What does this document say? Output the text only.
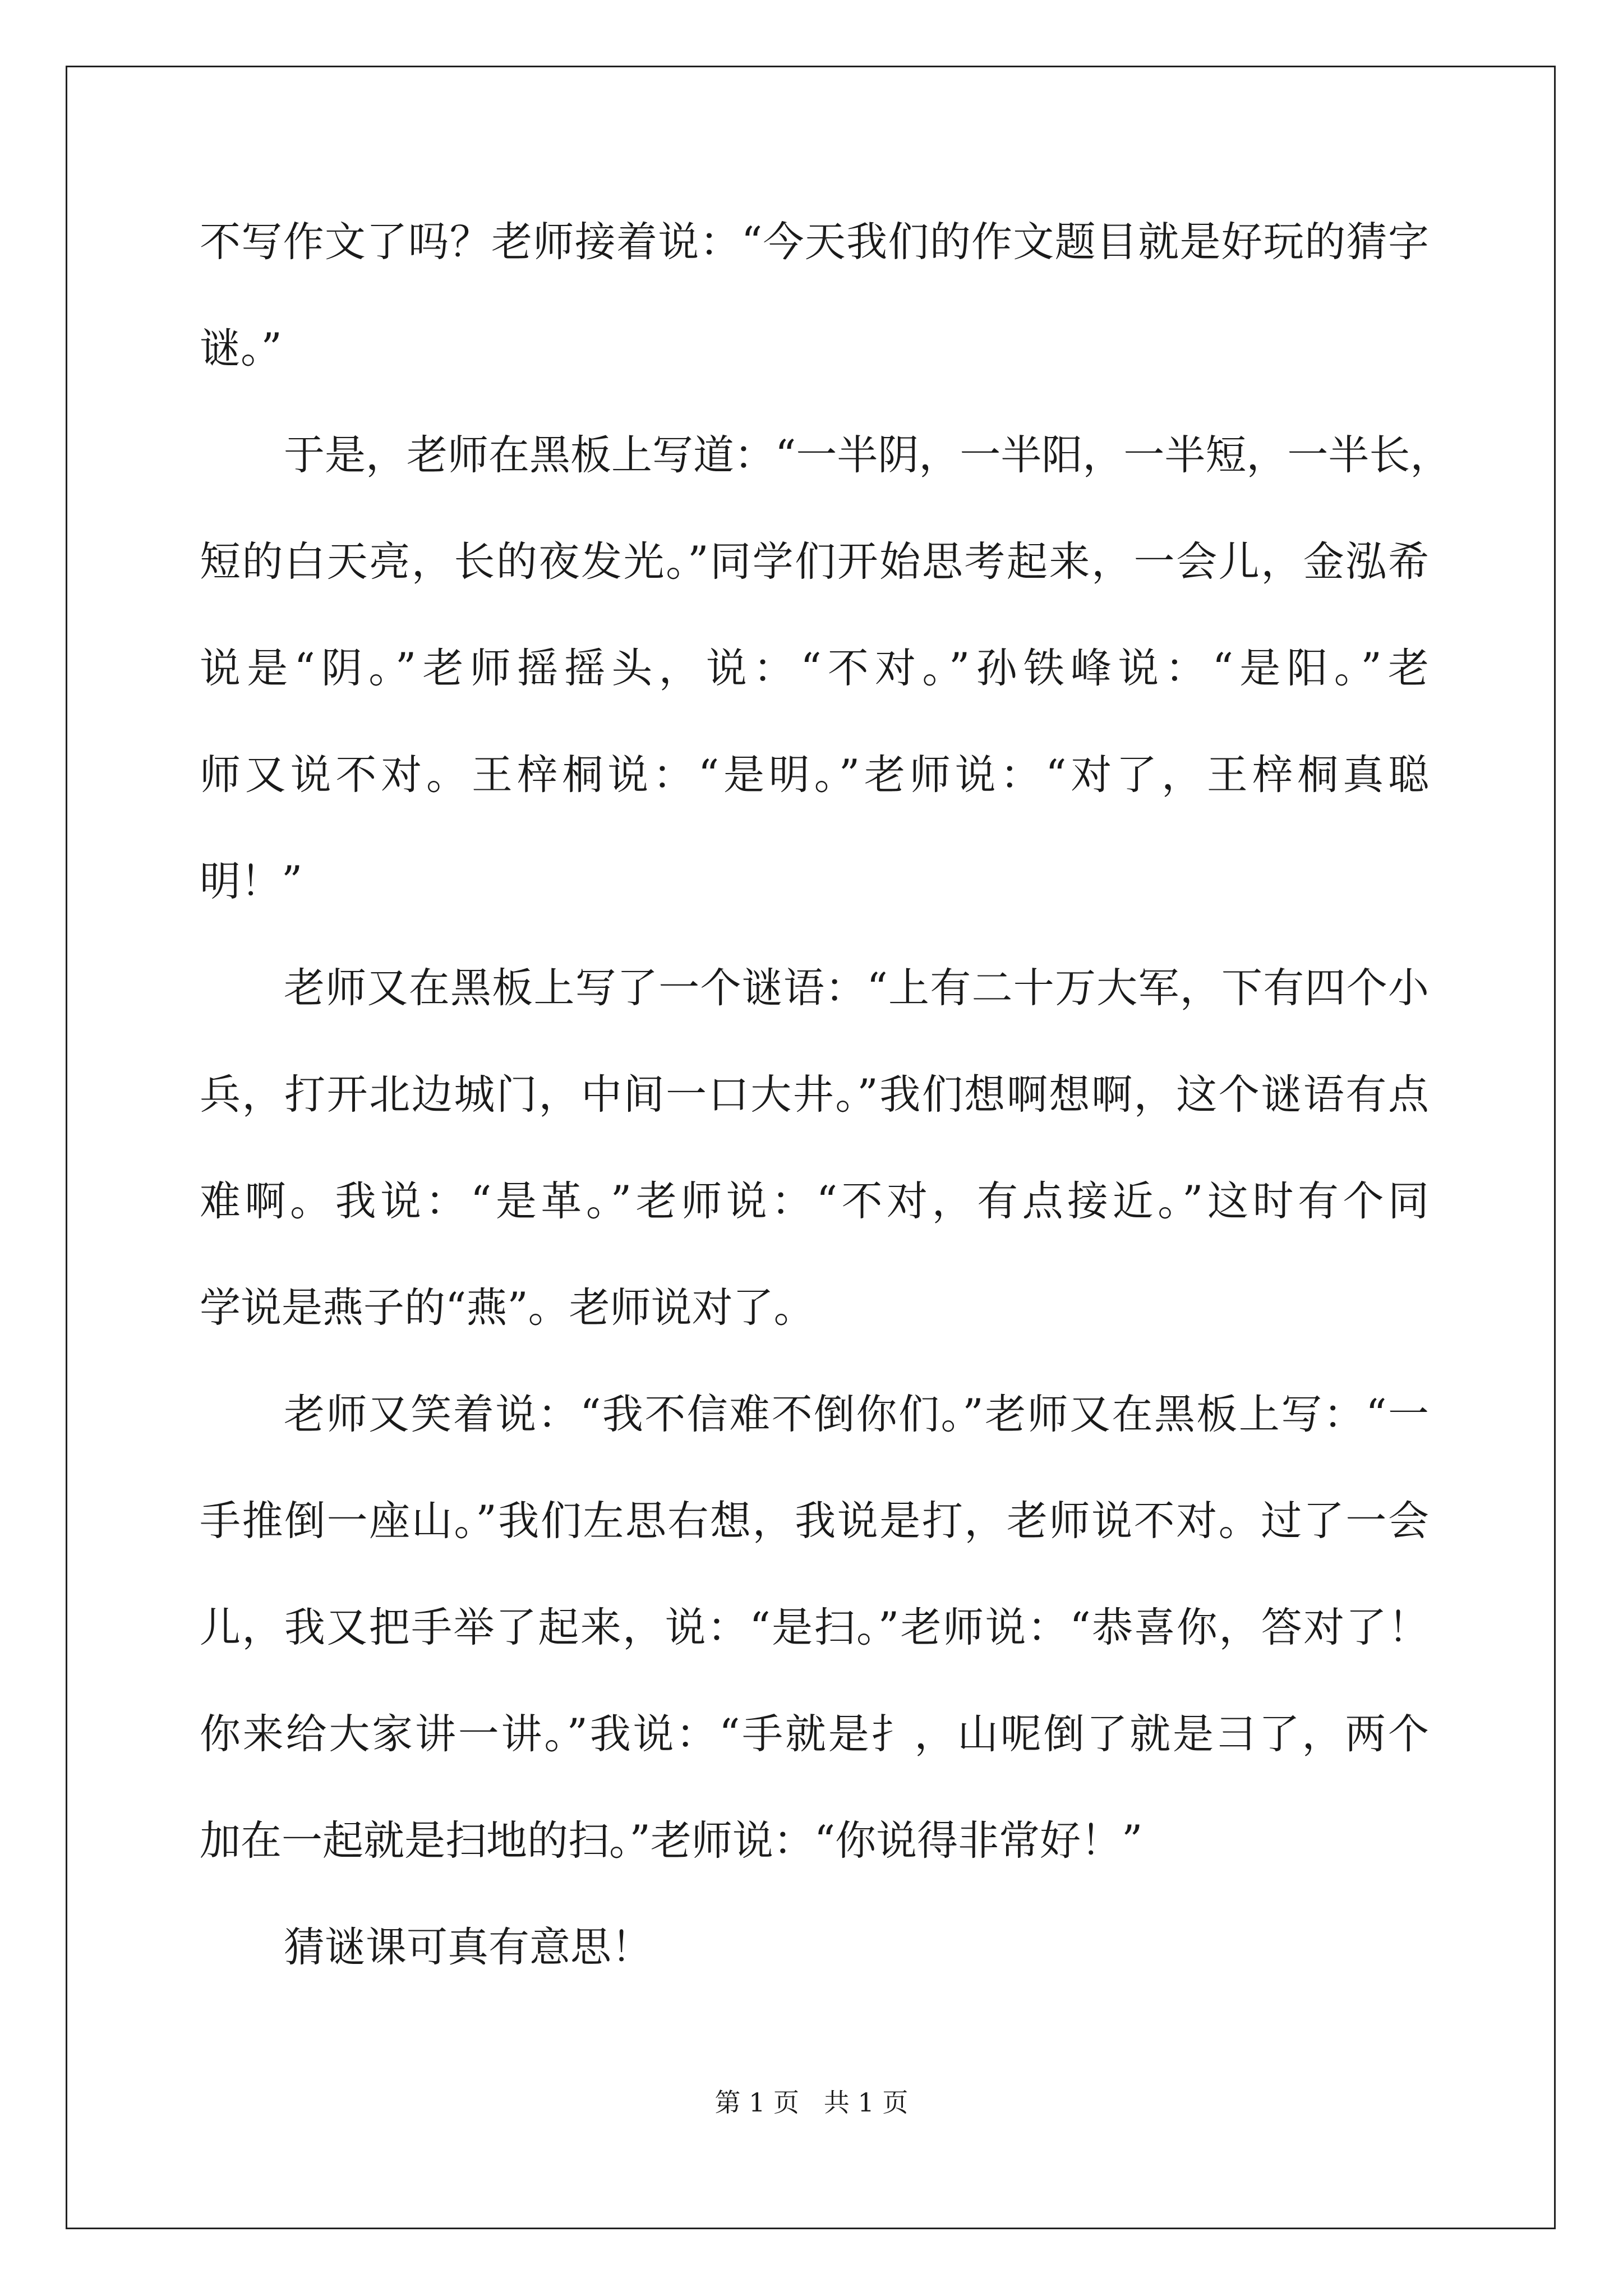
不写作文了吗？老师接着说：“今天我们的作文题目就是好玩的猜字
谜。”
于是，老师在黑板上写道：“一半阴，一半阳，一半短，一半长，
短的白天亮，长的夜发光。”同学们开始思考起来，一会儿，金泓希
说是“阴。”老师摇摇头，说：“不对。”孙铁峰说：“是阳。”老
师又说不对。王梓桐说：“是明。”老师说：“对了，王梓桐真聪
明！”
老师又在黑板上写了一个谜语：“上有二十万大军，下有四个小
兵，打开北边城门，中间一口大井。”我们想啊想啊，这个谜语有点
难啊。我说：“是革。”老师说：“不对，有点接近。”这时有个同
学说是燕子的“燕”。老师说对了。
老师又笑着说：“我不信难不倒你们。”老师又在黑板上写：“一
手推倒一座山。”我们左思右想，我说是打，老师说不对。过了一会
儿，我又把手举了起来，说：“是扫。”老师说：“恭喜你，答对了！
你来给大家讲一讲。”我说：“手就是扌，山呢倒了就是彐了，两个
加在一起就是扫地的扫。”老师说：“你说得非常好！”
猜谜课可真有意思！
第 1 页   共 1 页
